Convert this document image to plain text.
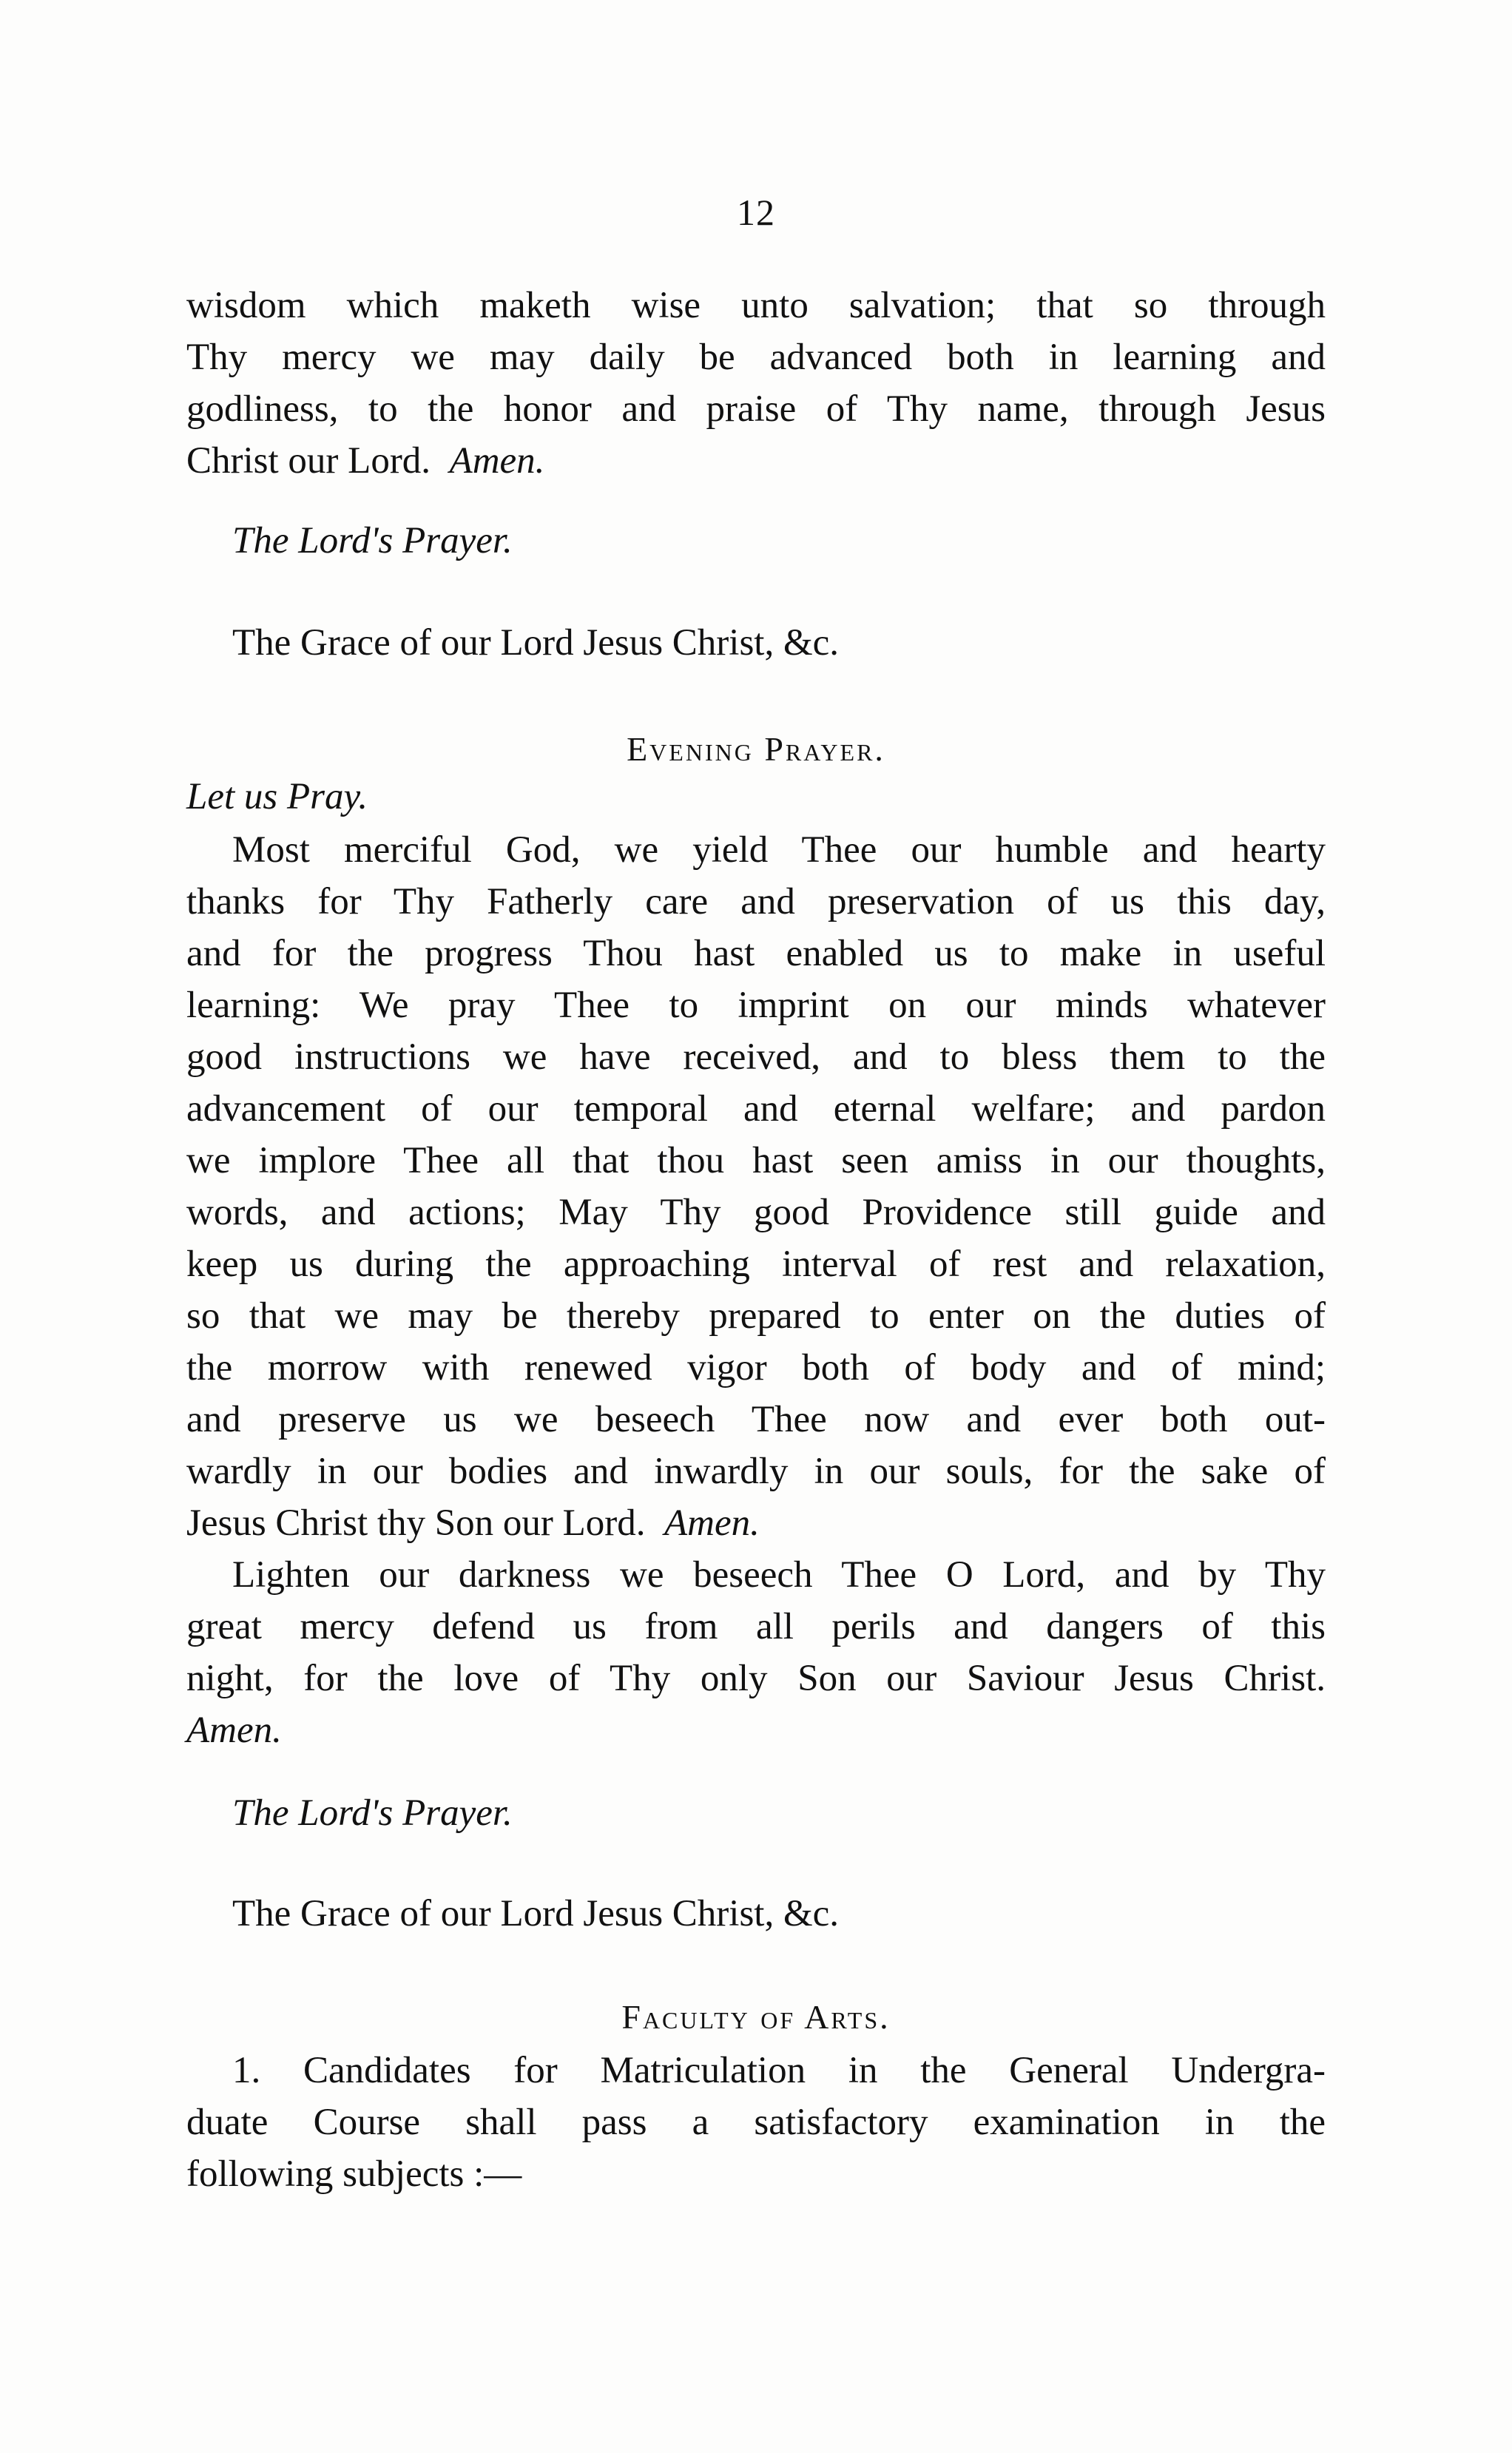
12
wisdom which maketh wise unto salvation; that so through
Thy mercy we may daily be advanced both in learning and
godliness, to the honor and praise of Thy name, through Jesus
Christ our Lord. Amen.
The Lord's Prayer.
The Grace of our Lord Jesus Christ, &c.
Evening Prayer.
Let us Pray.
Most merciful God, we yield Thee our humble and hearty
thanks for Thy Fatherly care and preservation of us this day,
and for the progress Thou hast enabled us to make in useful
learning: We pray Thee to imprint on our minds whatever
good instructions we have received, and to bless them to the
advancement of our temporal and eternal welfare; and pardon
we implore Thee all that thou hast seen amiss in our thoughts,
words, and actions; May Thy good Providence still guide and
keep us during the approaching interval of rest and relaxation,
so that we may be thereby prepared to enter on the duties of
the morrow with renewed vigor both of body and of mind;
and preserve us we beseech Thee now and ever both out-
wardly in our bodies and inwardly in our souls, for the sake of
Jesus Christ thy Son our Lord. Amen.
Lighten our darkness we beseech Thee O Lord, and by Thy
great mercy defend us from all perils and dangers of this
night, for the love of Thy only Son our Saviour Jesus Christ.
Amen.
The Lord's Prayer.
The Grace of our Lord Jesus Christ, &c.
Faculty of Arts.
1. Candidates for Matriculation in the General Undergra-
duate Course shall pass a satisfactory examination in the
following subjects :—
